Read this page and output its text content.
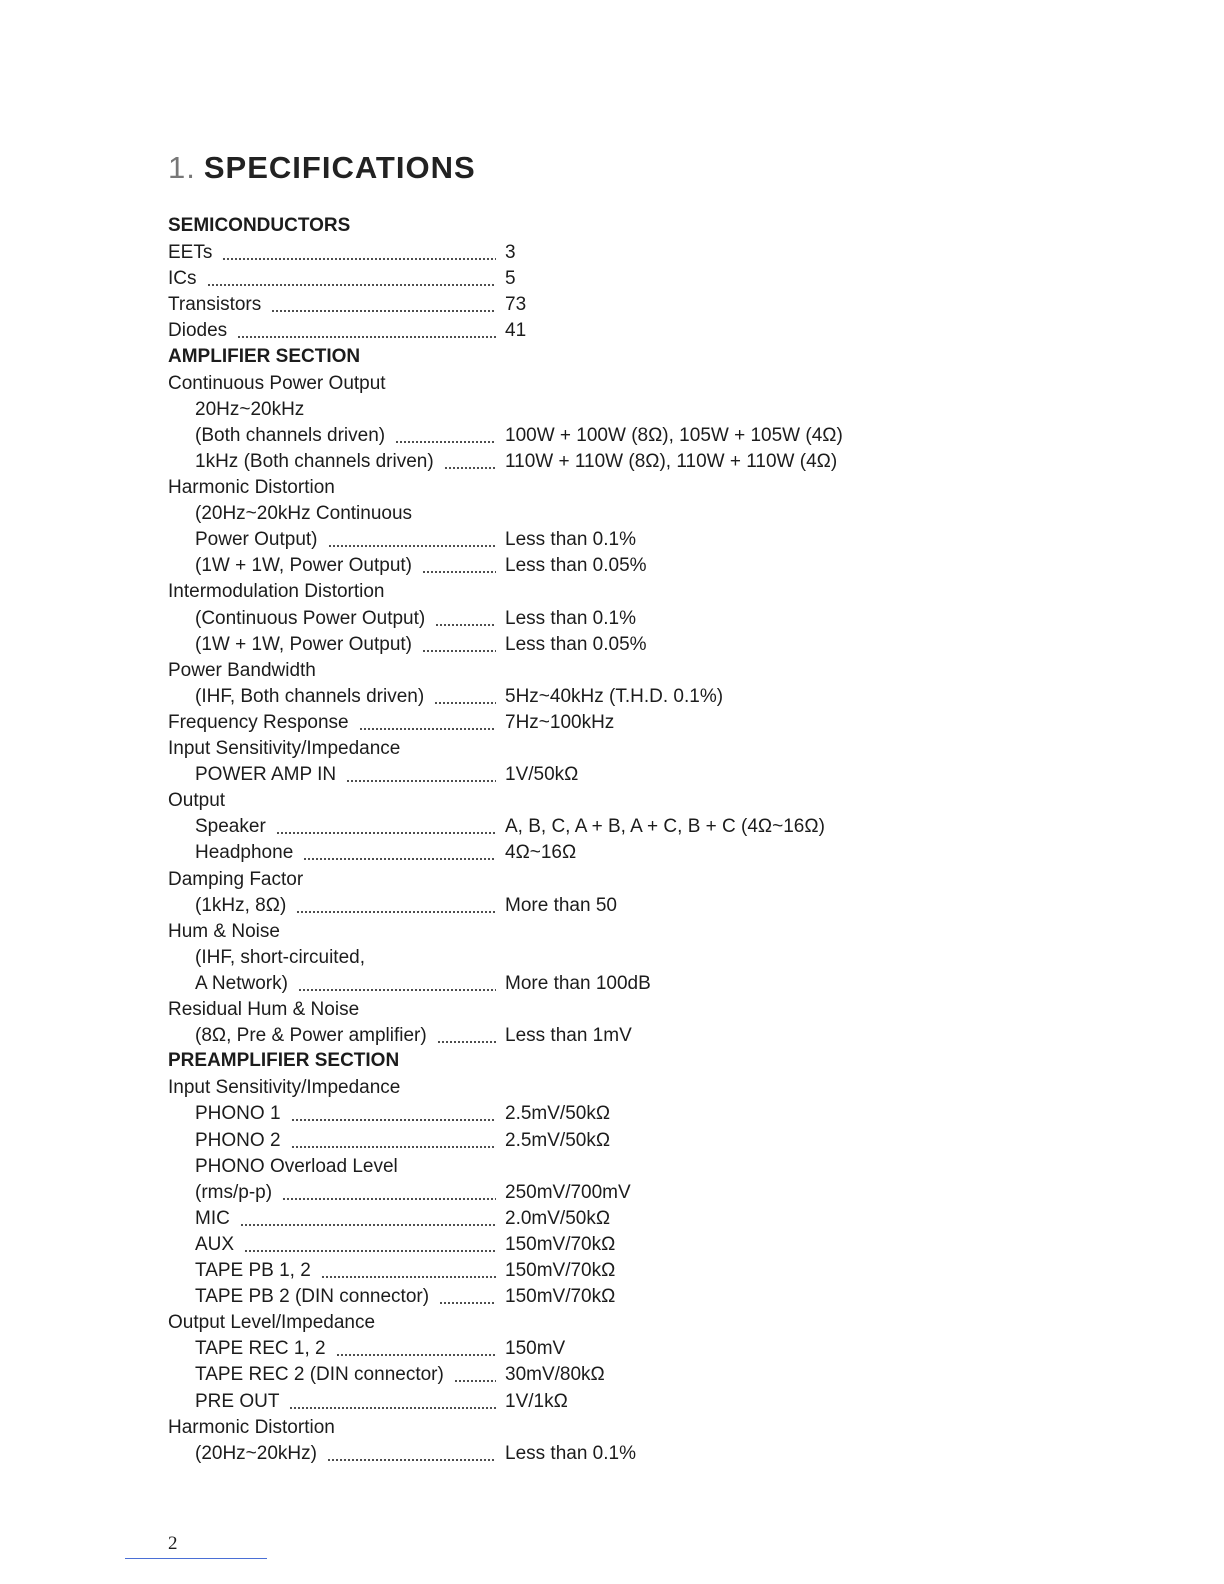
1. SPECIFICATIONS
SEMICONDUCTORS
EETs	3
ICs	5
Transistors	73
Diodes	41
AMPLIFIER SECTION
Continuous Power Output
20Hz~20kHz
(Both channels driven)	100W + 100W (8Ω), 105W + 105W (4Ω)
1kHz (Both channels driven)	110W + 110W (8Ω), 110W + 110W (4Ω)
Harmonic Distortion
(20Hz~20kHz Continuous
Power Output)	Less than 0.1%
(1W + 1W, Power Output)	Less than 0.05%
Intermodulation Distortion
(Continuous Power Output)	Less than 0.1%
(1W + 1W, Power Output)	Less than 0.05%
Power Bandwidth
(IHF, Both channels driven)	5Hz~40kHz (T.H.D. 0.1%)
Frequency Response	7Hz~100kHz
Input Sensitivity/Impedance
POWER AMP IN	1V/50kΩ
Output
Speaker	A, B, C, A + B, A + C, B + C (4Ω~16Ω)
Headphone	4Ω~16Ω
Damping Factor
(1kHz, 8Ω)	More than 50
Hum & Noise
(IHF, short-circuited,
A Network)	More than 100dB
Residual Hum & Noise
(8Ω, Pre & Power amplifier)	Less than 1mV
PREAMPLIFIER SECTION
Input Sensitivity/Impedance
PHONO 1	2.5mV/50kΩ
PHONO 2	2.5mV/50kΩ
PHONO Overload Level
(rms/p-p)	250mV/700mV
MIC	2.0mV/50kΩ
AUX	150mV/70kΩ
TAPE PB 1, 2	150mV/70kΩ
TAPE PB 2 (DIN connector)	150mV/70kΩ
Output Level/Impedance
TAPE REC 1, 2	150mV
TAPE REC 2 (DIN connector)	30mV/80kΩ
PRE OUT	1V/1kΩ
Harmonic Distortion
(20Hz~20kHz)	Less than 0.1%
2
